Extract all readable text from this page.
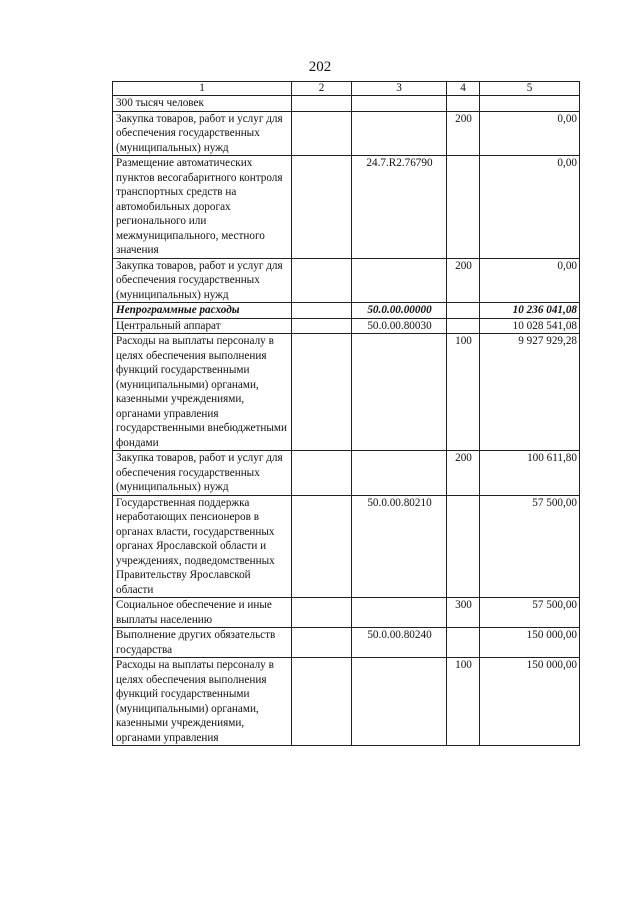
202
1	2	3	4	5
300 тысяч человек				
Закупка товаров, работ и услуг для обеспечения государственных (муниципальных) нужд			200	0,00
Размещение автоматических пунктов весогабаритного контроля транспортных средств на автомобильных дорогах регионального или межмуниципального, местного значения		24.7.R2.76790		0,00
Закупка товаров, работ и услуг для обеспечения государственных (муниципальных) нужд			200	0,00
Непрограммные расходы		50.0.00.00000		10 236 041,08
Центральный аппарат		50.0.00.80030		10 028 541,08
Расходы на выплаты персоналу в целях обеспечения выполнения функций государственными (муниципальными) органами, казенными учреждениями, органами управления государственными внебюджетными фондами			100	9 927 929,28
Закупка товаров, работ и услуг для обеспечения государственных (муниципальных) нужд			200	100 611,80
Государственная поддержка неработающих пенсионеров в органах власти, государственных органах Ярославской области и учреждениях, подведомственных Правительству Ярославской области		50.0.00.80210		57 500,00
Социальное обеспечение и иные выплаты населению			300	57 500,00
Выполнение других обязательств государства		50.0.00.80240		150 000,00
Расходы на выплаты персоналу в целях обеспечения выполнения функций государственными (муниципальными) органами, казенными учреждениями, органами управления			100	150 000,00
